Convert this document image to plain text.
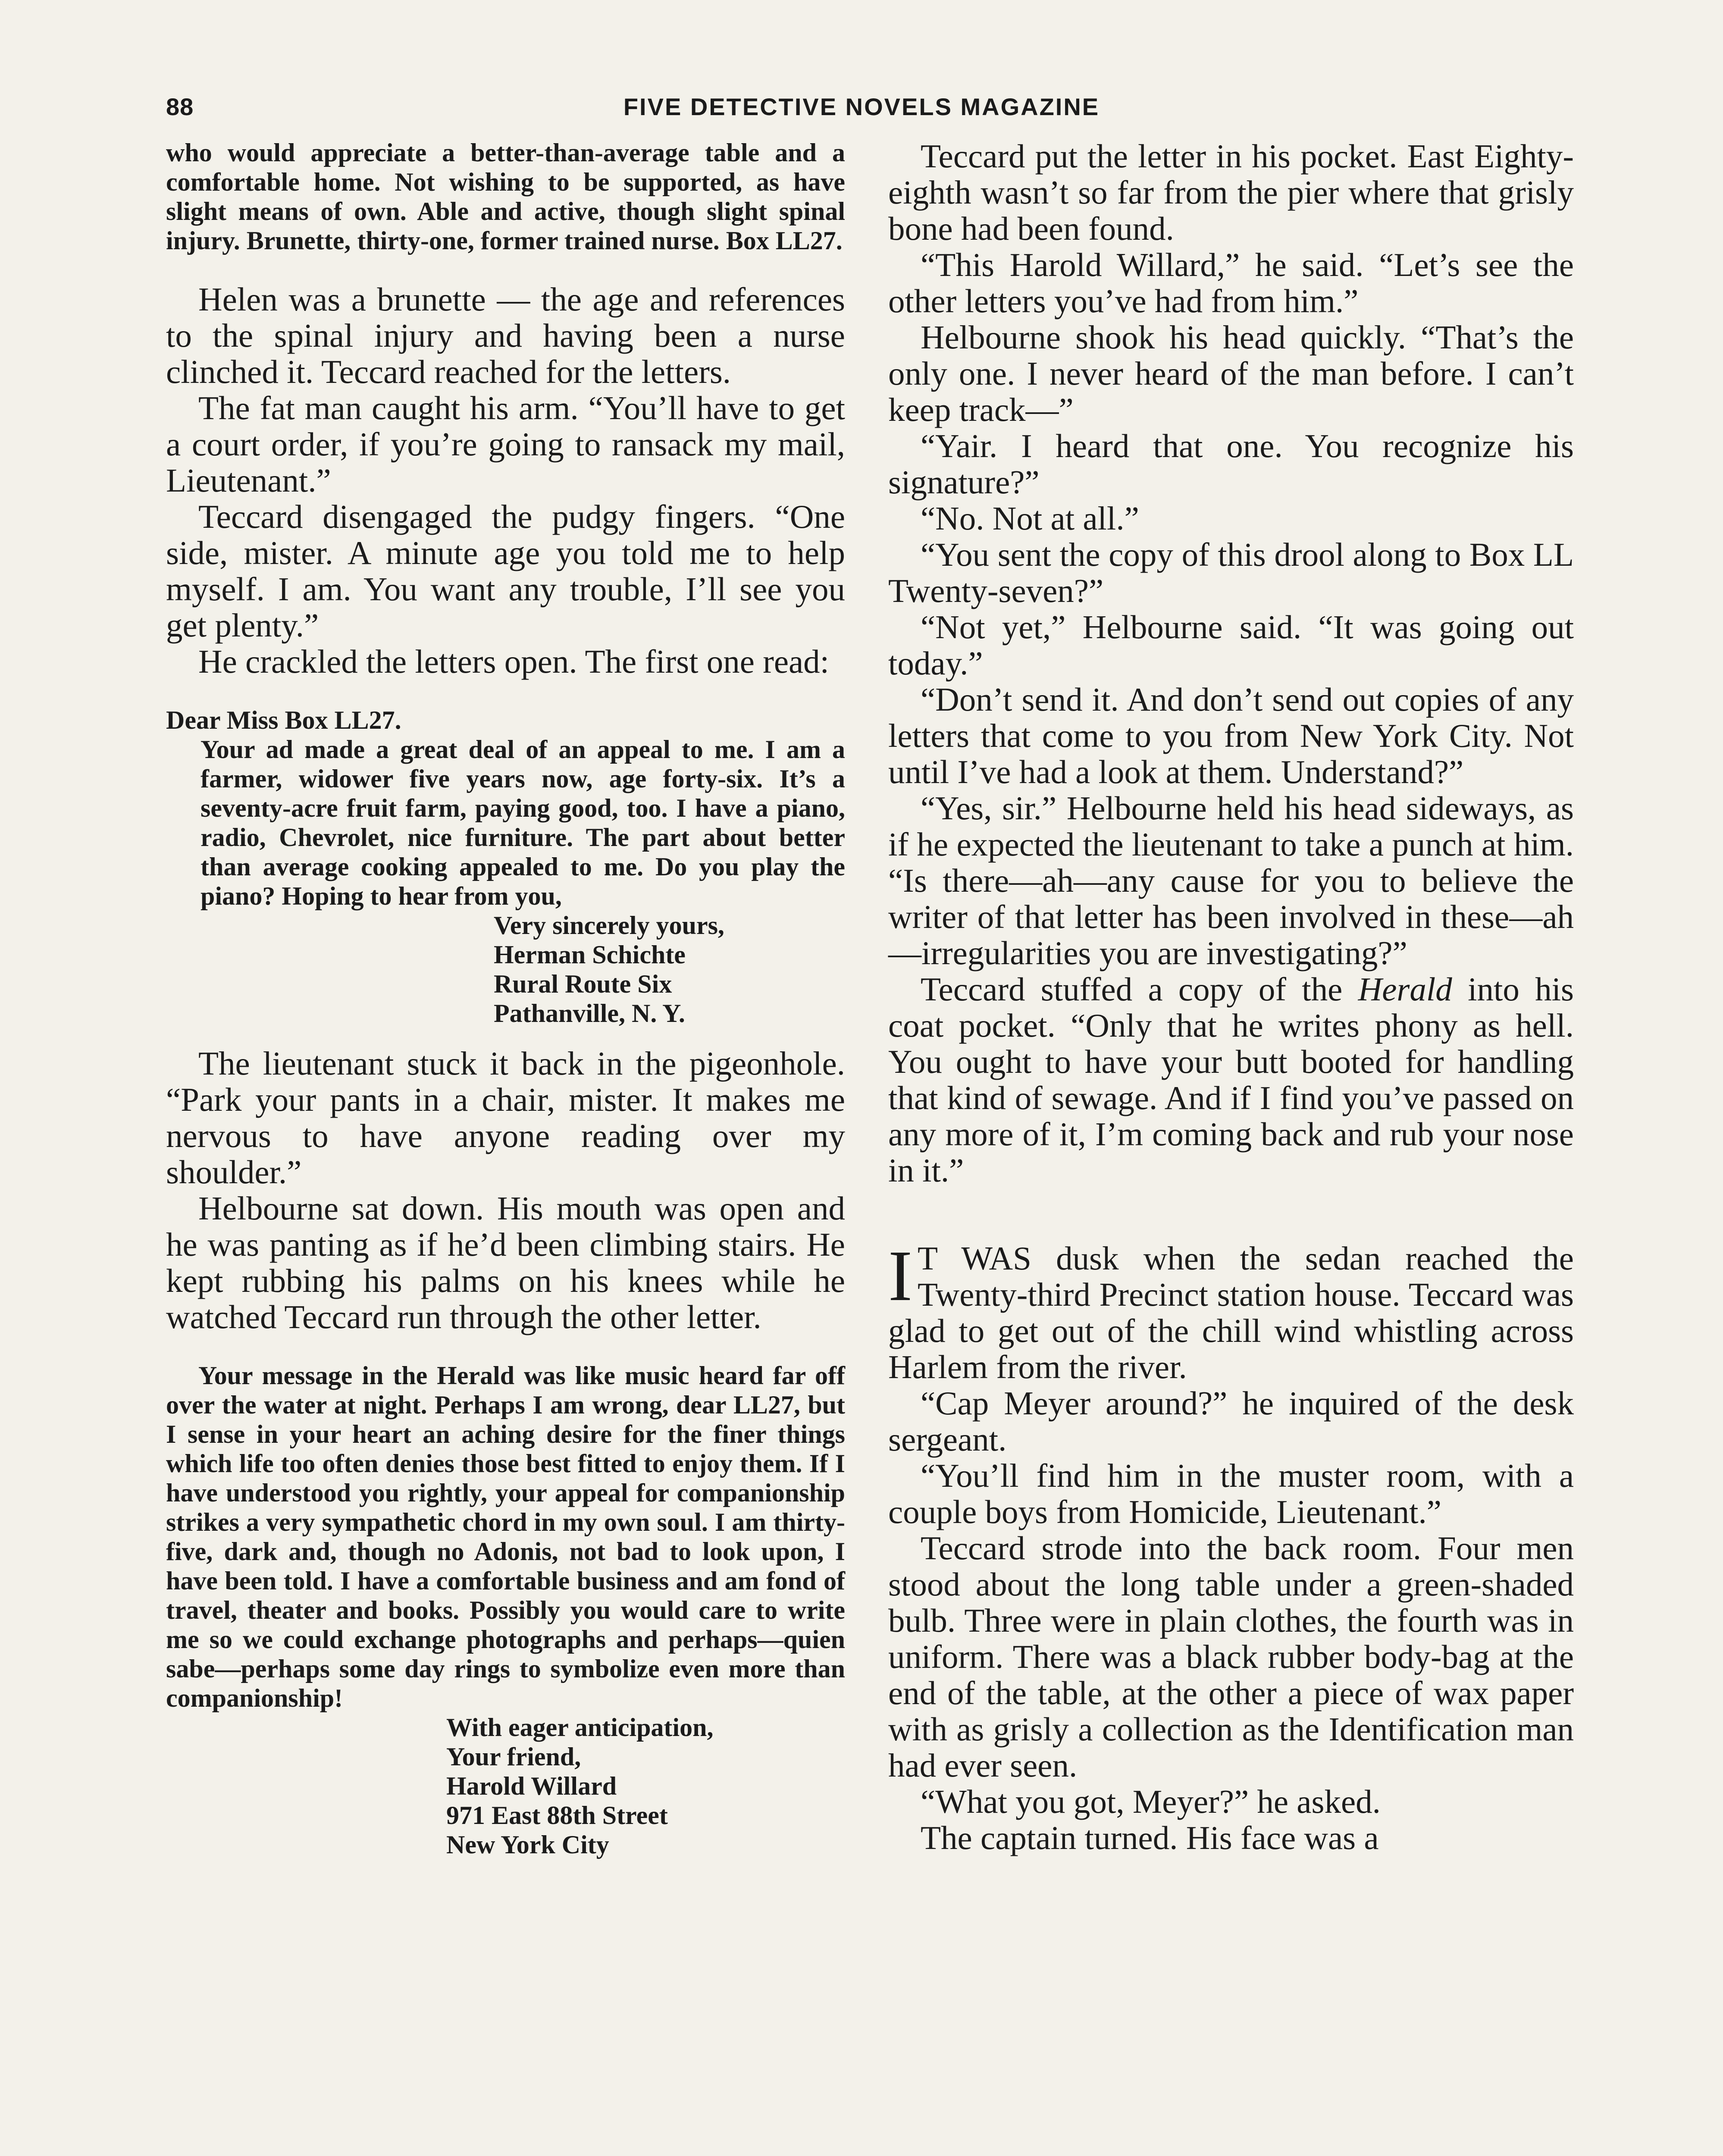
88	FIVE DETECTIVE NOVELS MAGAZINE

who would appreciate a better-than-average table and a comfortable home. Not wishing to be supported, as have slight means of own. Able and active, though slight spinal injury. Brunette, thirty-one, former trained nurse. Box LL27.

Helen was a brunette — the age and references to the spinal injury and having been a nurse clinched it. Teccard reached for the letters.

The fat man caught his arm. “You’ll have to get a court order, if you’re going to ransack my mail, Lieutenant.”

Teccard disengaged the pudgy fingers. “One side, mister. A minute age you told me to help myself. I am. You want any trouble, I’ll see you get plenty.”

He crackled the letters open. The first one read:

Dear Miss Box LL27.

Your ad made a great deal of an appeal to me. I am a farmer, widower five years now, age forty-six. It’s a seventy-acre fruit farm, paying good, too. I have a piano, radio, Chevrolet, nice furniture. The part about better than average cooking appealed to me. Do you play the piano? Hoping to hear from you,

Very sincerely yours,
Herman Schichte
Rural Route Six
Pathanville, N. Y.

The lieutenant stuck it back in the pigeonhole. “Park your pants in a chair, mister. It makes me nervous to have anyone reading over my shoulder.”

Helbourne sat down. His mouth was open and he was panting as if he’d been climbing stairs. He kept rubbing his palms on his knees while he watched Teccard run through the other letter.

Your message in the Herald was like music heard far off over the water at night. Perhaps I am wrong, dear LL27, but I sense in your heart an aching desire for the finer things which life too often denies those best fitted to enjoy them. If I have understood you rightly, your appeal for companionship strikes a very sympathetic chord in my own soul. I am thirty-five, dark and, though no Adonis, not bad to look upon, I have been told. I have a comfortable business and am fond of travel, theater and books. Possibly you would care to write me so we could exchange photographs and perhaps—quien sabe—perhaps some day rings to symbolize even more than companionship!

With eager anticipation,
Your friend,
Harold Willard
971 East 88th Street
New York City

Teccard put the letter in his pocket. East Eighty-eighth wasn’t so far from the pier where that grisly bone had been found.

“This Harold Willard,” he said. “Let’s see the other letters you’ve had from him.”

Helbourne shook his head quickly. “That’s the only one. I never heard of the man before. I can’t keep track—”

“Yair. I heard that one. You recognize his signature?”

“No. Not at all.”

“You sent the copy of this drool along to Box LL Twenty-seven?”

“Not yet,” Helbourne said. “It was going out today.”

“Don’t send it. And don’t send out copies of any letters that come to you from New York City. Not until I’ve had a look at them. Understand?”

“Yes, sir.” Helbourne held his head sideways, as if he expected the lieutenant to take a punch at him. “Is there—ah—any cause for you to believe the writer of that letter has been involved in these—ah—irregularities you are investigating?”

Teccard stuffed a copy of the Herald into his coat pocket. “Only that he writes phony as hell. You ought to have your butt booted for handling that kind of sewage. And if I find you’ve passed on any more of it, I’m coming back and rub your nose in it.”

I T WAS dusk when the sedan reached the Twenty-third Precinct station house. Teccard was glad to get out of the chill wind whistling across Harlem from the river.

“Cap Meyer around?” he inquired of the desk sergeant.

“You’ll find him in the muster room, with a couple boys from Homicide, Lieutenant.”

Teccard strode into the back room. Four men stood about the long table under a green-shaded bulb. Three were in plain clothes, the fourth was in uniform. There was a black rubber body-bag at the end of the table, at the other a piece of wax paper with as grisly a collection as the Identification man had ever seen.

“What you got, Meyer?” he asked.

The captain turned. His face was a
